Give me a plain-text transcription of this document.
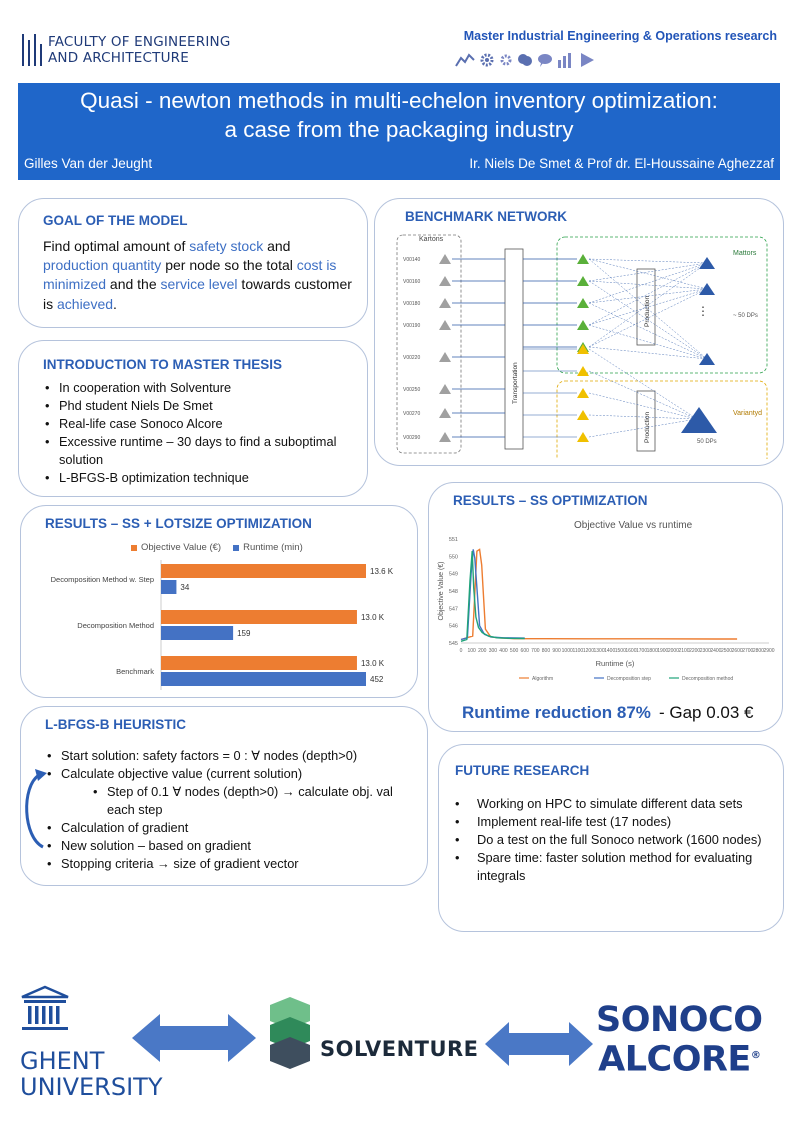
FACULTY OF ENGINEERING
AND ARCHITECTURE
Master Industrial Engineering & Operations research
Quasi - newton methods in multi-echelon inventory optimization:
a case from the packaging industry
Gilles Van der Jeught	Ir. Niels De Smet & Prof dr. El-Houssaine Aghezzaf
GOAL OF THE MODEL
Find optimal amount of safety stock and production quantity per node so the total cost is minimized and the service level towards customer is achieved.
INTRODUCTION TO MASTER THESIS
• In cooperation with Solventure
• Phd student Niels De Smet
• Real-life case Sonoco Alcore
• Excessive runtime – 30 days to find a suboptimal solution
• L-BFGS-B optimization technique
BENCHMARK NETWORK
Kartons
V00140
V00160
V00180
V00190
V00220
V00250
V00270
V00290
Transportation
Production
Production
Mattors
⋮	~ 50 DPs
Variantyd
50 DPs
RESULTS – SS + LOTSIZE OPTIMIZATION
Objective Value (€) Runtime (min)
Decomposition Method w. Step
13.6 K
34
Decomposition Method
13.0 K
159
Benchmark
13.0 K
452
L-BFGS-B HEURISTIC
• Start solution: safety factors = 0 : ∀ nodes (depth>0)
• Calculate objective value (current solution)
• Step of 0.1 ∀ nodes (depth>0) → calculate obj. val each step
• Calculation of gradient
• New solution – based on gradient
• Stopping criteria → size of gradient vector
RESULTS – SS OPTIMIZATION
Objective Value vs runtime
545
546
547
548
549
550
551
0 100 200 300 400 500 600 700 800 900 1000 1100 1200 1300 1400 1500 1600 1700 1800 1900 2000 2100 2200 2300 2400 2500 2600 2700 2800 2900
Runtime (s)
Objective Value (€)
Algorithm	Decomposition step	Decomposition method
Runtime reduction 87% - Gap 0.03 €
FUTURE RESEARCH
• Working on HPC to simulate different data sets
• Implement real-life test (17 nodes)
• Do a test on the full Sonoco network (1600 nodes)
• Spare time: faster solution method for evaluating integrals
GHENT
UNIVERSITY
SOLVENTURE
SONOCO
ALCORE®
